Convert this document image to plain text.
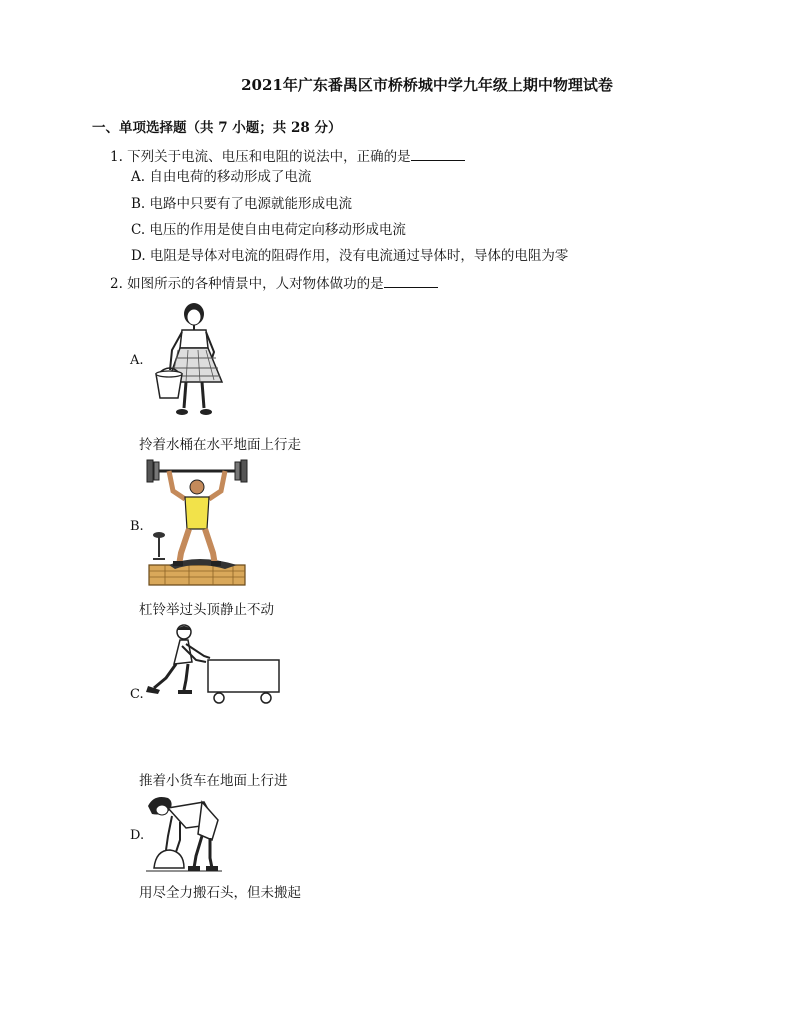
2021年广东番禺区市桥桥城中学九年级上期中物理试卷
一、单项选择题（共 7 小题；共 28 分）
1. 下列关于电流、电压和电阻的说法中，正确的是
A. 自由电荷的移动形成了电流
B. 电路中只要有了电源就能形成电流
C. 电压的作用是使自由电荷定向移动形成电流
D. 电阻是导体对电流的阻碍作用，没有电流通过导体时，导体的电阻为零
2. 如图所示的各种情景中，人对物体做功的是
A.
拎着水桶在水平地面上行走
B.
杠铃举过头顶静止不动
C.
推着小货车在地面上行进
D.
用尽全力搬石头，但未搬起
